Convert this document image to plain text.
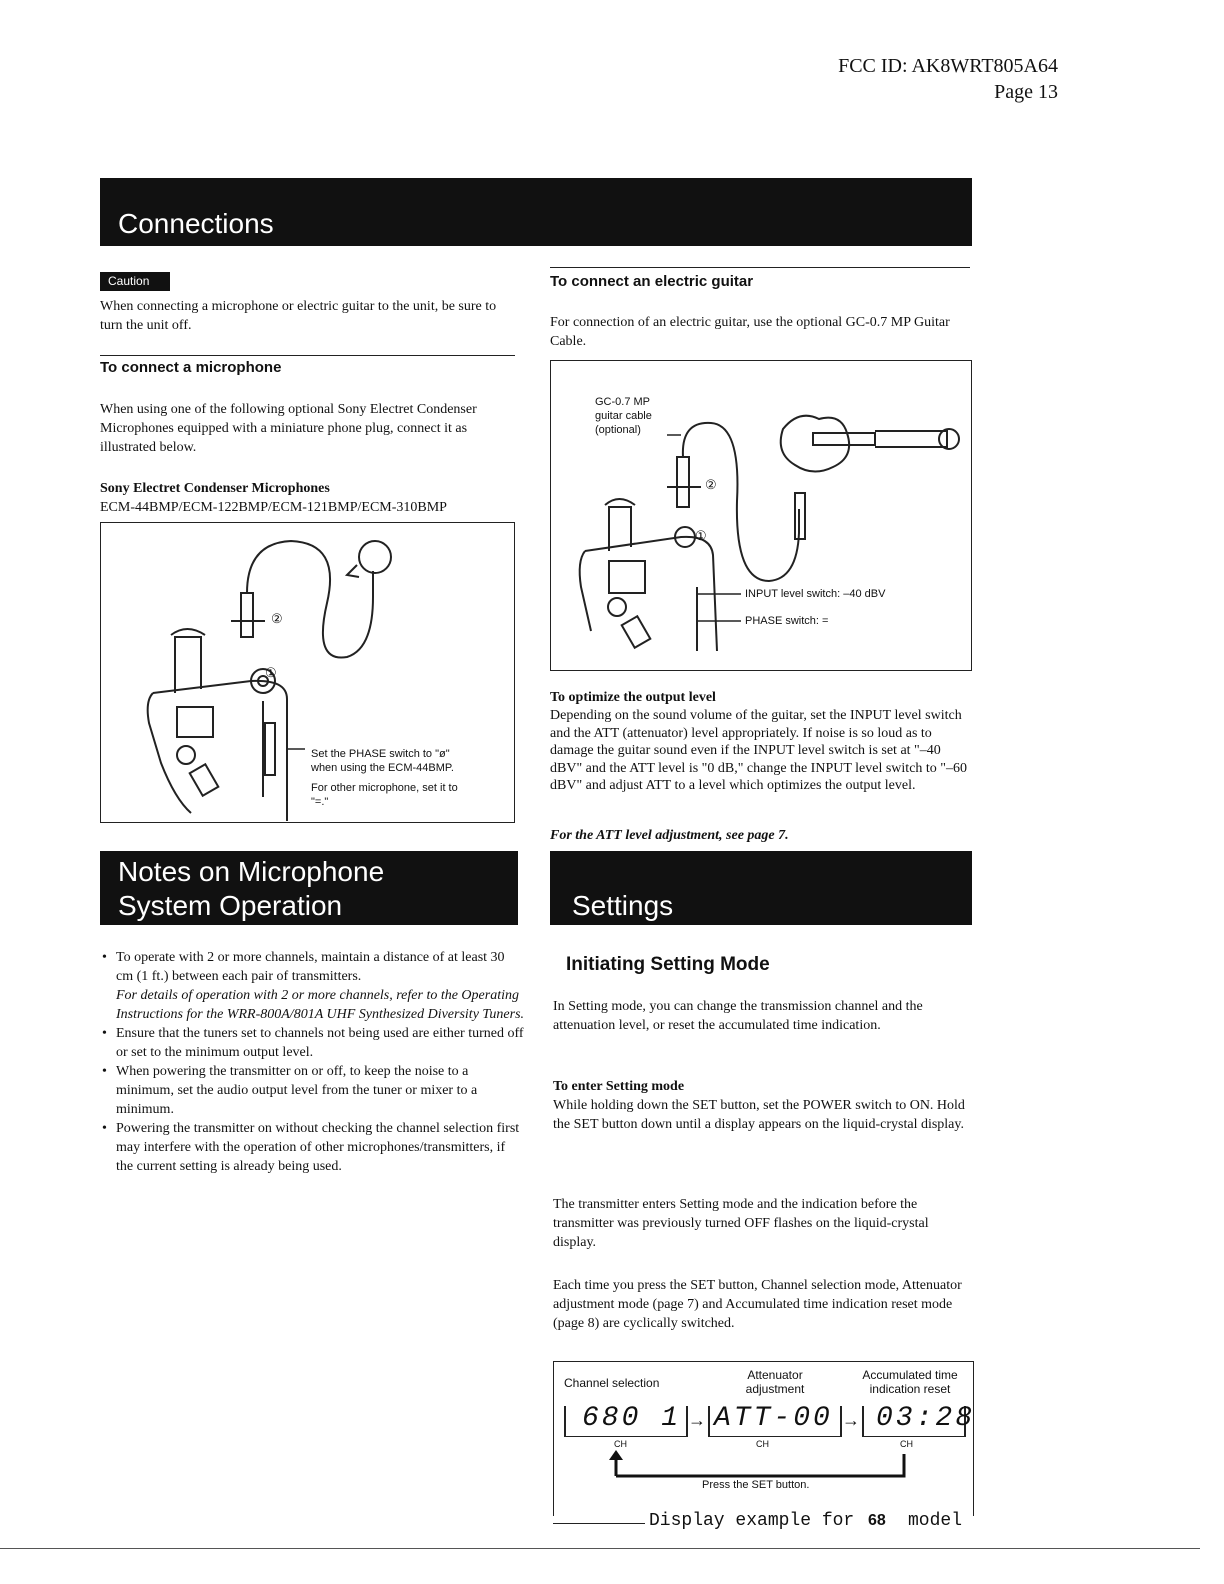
FCC ID: AK8WRT805A64
Page 13
Connections
Caution
When connecting a microphone or electric guitar to the unit, be sure to turn the unit off.
To connect a microphone
When using one of the following optional Sony Electret Condenser Microphones equipped with a miniature phone plug, connect it as illustrated below.
Sony Electret Condenser Microphones
ECM-44BMP/ECM-122BMP/ECM-121BMP/ECM-310BMP
②
①
Set the PHASE switch to "ø"
when using the ECM-44BMP.
For other microphone, set it to
"=."
Notes on Microphone
System Operation
• To operate with 2 or more channels, maintain a distance of at least 30 cm (1 ft.) between each pair of transmitters.
For details of operation with 2 or more channels, refer to the Operating Instructions for the WRR-800A/801A UHF Synthesized Diversity Tuners.
• Ensure that the tuners set to channels not being used are either turned off or set to the minimum output level.
• When powering the transmitter on or off, to keep the noise to a minimum, set the audio output level from the tuner or mixer to a minimum.
• Powering the transmitter on without checking the channel selection first may interfere with the operation of other microphones/transmitters, if the current setting is already being used.
To connect an electric guitar
For connection of an electric guitar, use the optional GC-0.7 MP Guitar Cable.
GC-0.7 MP
guitar cable
(optional)
②
①
INPUT level switch: –40 dBV
PHASE switch: =
To optimize the output level
Depending on the sound volume of the guitar, set the INPUT level switch and the ATT (attenuator) level appropriately. If noise is so loud as to damage the guitar sound even if the INPUT level switch is set at "–40 dBV" and the ATT level is "0 dB," change the INPUT level switch to "–60 dBV" and adjust ATT to a level which optimizes the output level.
For the ATT level adjustment, see page 7.
Settings
Initiating Setting Mode
In Setting mode, you can change the transmission channel and the attenuation level, or reset the accumulated time indication.
To enter Setting mode
While holding down the SET button, set the POWER switch to ON. Hold the SET button down until a display appears on the liquid-crystal display.
The transmitter enters Setting mode and the indication before the transmitter was previously turned OFF flashes on the liquid-crystal display.
Each time you press the SET button, Channel selection mode, Attenuator adjustment mode (page 7) and Accumulated time indication reset mode (page 8) are cyclically switched.
Channel selection
Attenuator
adjustment
Accumulated time
indication reset
680 1 → ATT-00 → 03:28
CH	CH	CH
Press the SET button.
Display example for 68 model
